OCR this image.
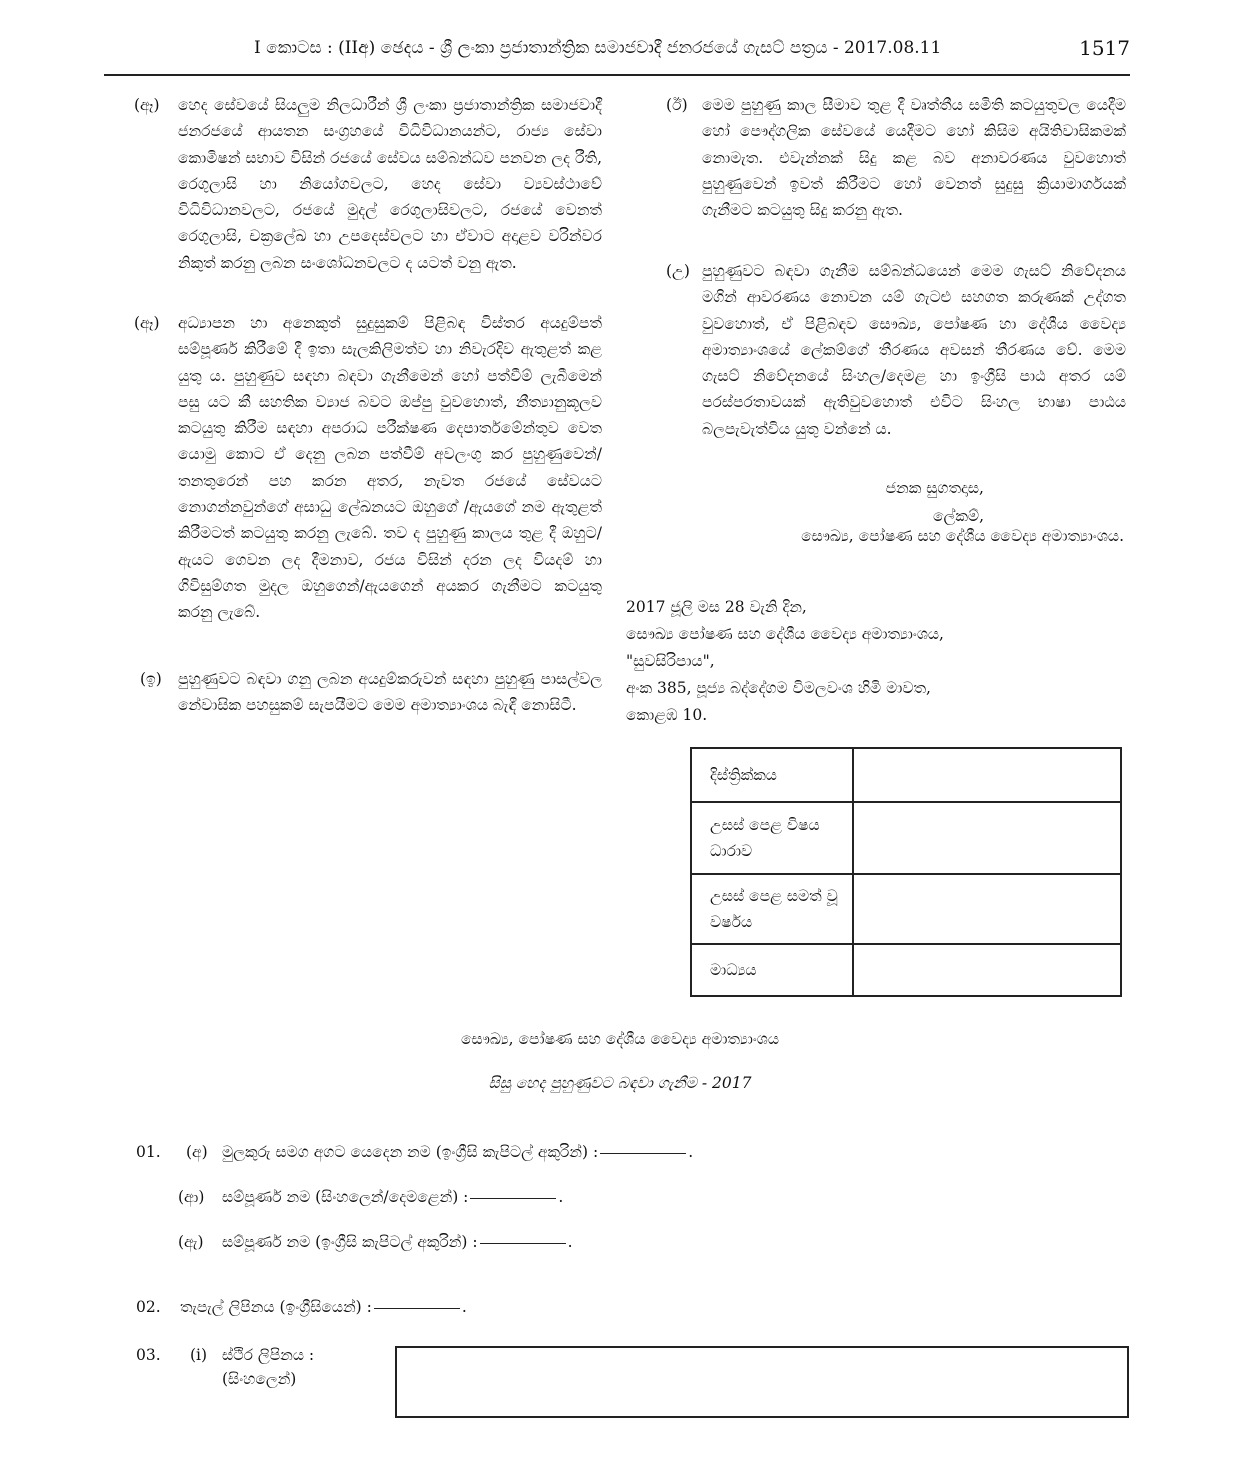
I කොටස : (IIඅ) ඡෙදය - ශ්‍රී ලංකා ප්‍රජාතාන්ත්‍රික සමාජවාදී ජනරජයේ ගැසට් පත්‍රය - 2017.08.11	1517
(ඈ) හෙද සේවයේ සියලුම නිලධාරීන් ශ්‍රී ලංකා ප්‍රජාතාන්ත්‍රික සමාජවාදී ජනරජයේ ආයතන සංග්‍රහයේ විධිවිධානයන්ට, රාජ්‍ය සේවා කොමිෂන් සභාව විසින් රජයේ සේවය සම්බන්ධව පනවන ලද රීති, රෙගුලාසි හා නියෝගවලට, හෙද සේවා ව්‍යවස්ථාවේ විධිවිධානවලට, රජයේ මුදල් රෙගුලාසිවලට, රජයේ වෙනත් රෙගුලාසි, චක්‍රලේඛ හා උපදෙස්වලට හා ඒවාට අදාළව වරින්වර නිකුත් කරනු ලබන සංශෝධනවලට ද යටත් වනු ඇත.
(ඈ) අධ්‍යාපන හා අනෙකුත් සුදුසුකම් පිළිබඳ විස්තර අයදුම්පත් සම්පූර්ණ කිරීමේ දී ඉතා සැලකිලිමත්ව හා නිවැරදිව ඇතුළත් කළ යුතු ය. පුහුණුව සඳහා බඳවා ගැනීමෙන් හෝ පත්වීම් ලැබීමෙන් පසු යට කී සහතික ව්‍යාජ බවට ඔප්පු වුවහොත්, නීත්‍යානුකූලව කටයුතු කිරීම සඳහා අපරාධ පරීක්ෂණ දෙපාර්තමේන්තුව වෙත යොමු කොට ඒ දෙනු ලබන පත්වීම් අවලංගු කර පුහුණුවෙන්/තනතුරෙන් පහ කරන අතර, නැවත රජයේ සේවයට නොගන්නවුන්ගේ අසාධු ලේඛනයට ඔහුගේ /ඇයගේ නම ඇතුළත් කිරීමටත් කටයුතු කරනු ලැබේ. තව ද පුහුණු කාලය තුළ දී ඔහුට/ඇයට ගෙවන ලද දීමනාව, රජය විසින් දරන ලද වියදම් හා ගිවිසුම්ගත මුදල ඔහුගෙන්/ඇයගෙන් අයකර ගැනීමට කටයුතු කරනු ලැබේ.
(ඉ) පුහුණුවට බඳවා ගනු ලබන අයදුම්කරුවන් සඳහා පුහුණු පාසල්වල නේවාසික පහසුකම් සැපයීමට මෙම අමාත්‍යාංශය බැඳී නොසිටී.
(ඊ) මෙම පුහුණු කාල සීමාව තුළ දී වෘත්තීය සමිති කටයුතුවල යෙදීම හෝ පෞද්ගලික සේවයේ යෙදීමට හෝ කිසිම අයිතිවාසිකමක් නොමැත. එවැන්නක් සිදු කළ බව අනාවරණය වුවහොත් පුහුණුවෙන් ඉවත් කිරීමට හෝ වෙනත් සුදුසු ක්‍රියාමාර්ගයක් ගැනීමට කටයුතු සිදු කරනු ඇත.
(උ) පුහුණුවට බඳවා ගැනීම සම්බන්ධයෙන් මෙම ගැසට් නිවේදනය මගින් ආවරණය නොවන යම් ගැටළු සහගත කරුණක් උද්ගත වුවහොත්, ඒ පිළිබඳව සෞඛ්‍ය, පෝෂණ හා දේශීය වෛද්‍ය අමාත්‍යාංශයේ ලේකම්ගේ තීරණය අවසන් තීරණය වේ. මෙම ගැසට් නිවේදනයේ සිංහල/දෙමළ හා ඉංග්‍රීසි පාඨ අතර යම් පරස්පරතාවයක් ඇතිවුවහොත් එවිට සිංහල භාෂා පාඨය බලපැවැත්විය යුතු වන්නේ ය.
ජනක සුගතදාස,
ලේකම්,
සෞඛ්‍ය, පෝෂණ සහ දේශීය වෛද්‍ය අමාත්‍යාංශය.
2017 ජූලි මස 28 වැනි දින,
සෞඛ්‍ය පෝෂණ සහ දේශීය වෛද්‍ය අමාත්‍යාංශය,
"සුවසිරිපාය",
අංක 385, පූජ්‍ය බද්දේගම විමලවංශ හිමි මාවත,
කොළඹ 10.
දිස්ත්‍රික්කය	
උසස් පෙළ විෂය ධාරාව	
උසස් පෙළ සමත් වූ වර්ෂය	
මාධ්‍යය	
සෞඛ්‍ය, පෝෂණ සහ දේශීය වෛද්‍ය අමාත්‍යාංශය
සිසු හෙද පුහුණුවට බඳවා ගැනීම - 2017
01. (අ) මුලකුරු සමග අගට යෙදෙන නම (ඉංග්‍රීසි කැපිටල් අකුරින්) :	.
(ආ) සම්පූර්ණ නම (සිංහලෙන්/දෙමළෙන්) :	.
(ඇ) සම්පූර්ණ නම (ඉංග්‍රීසි කැපිටල් අකුරින්) :	.
02. තැපැල් ලිපිනය (ඉංග්‍රීසියෙන්) :	.
03. (i) ස්ථිර ලිපිනය :
(සිංහලෙන්)
